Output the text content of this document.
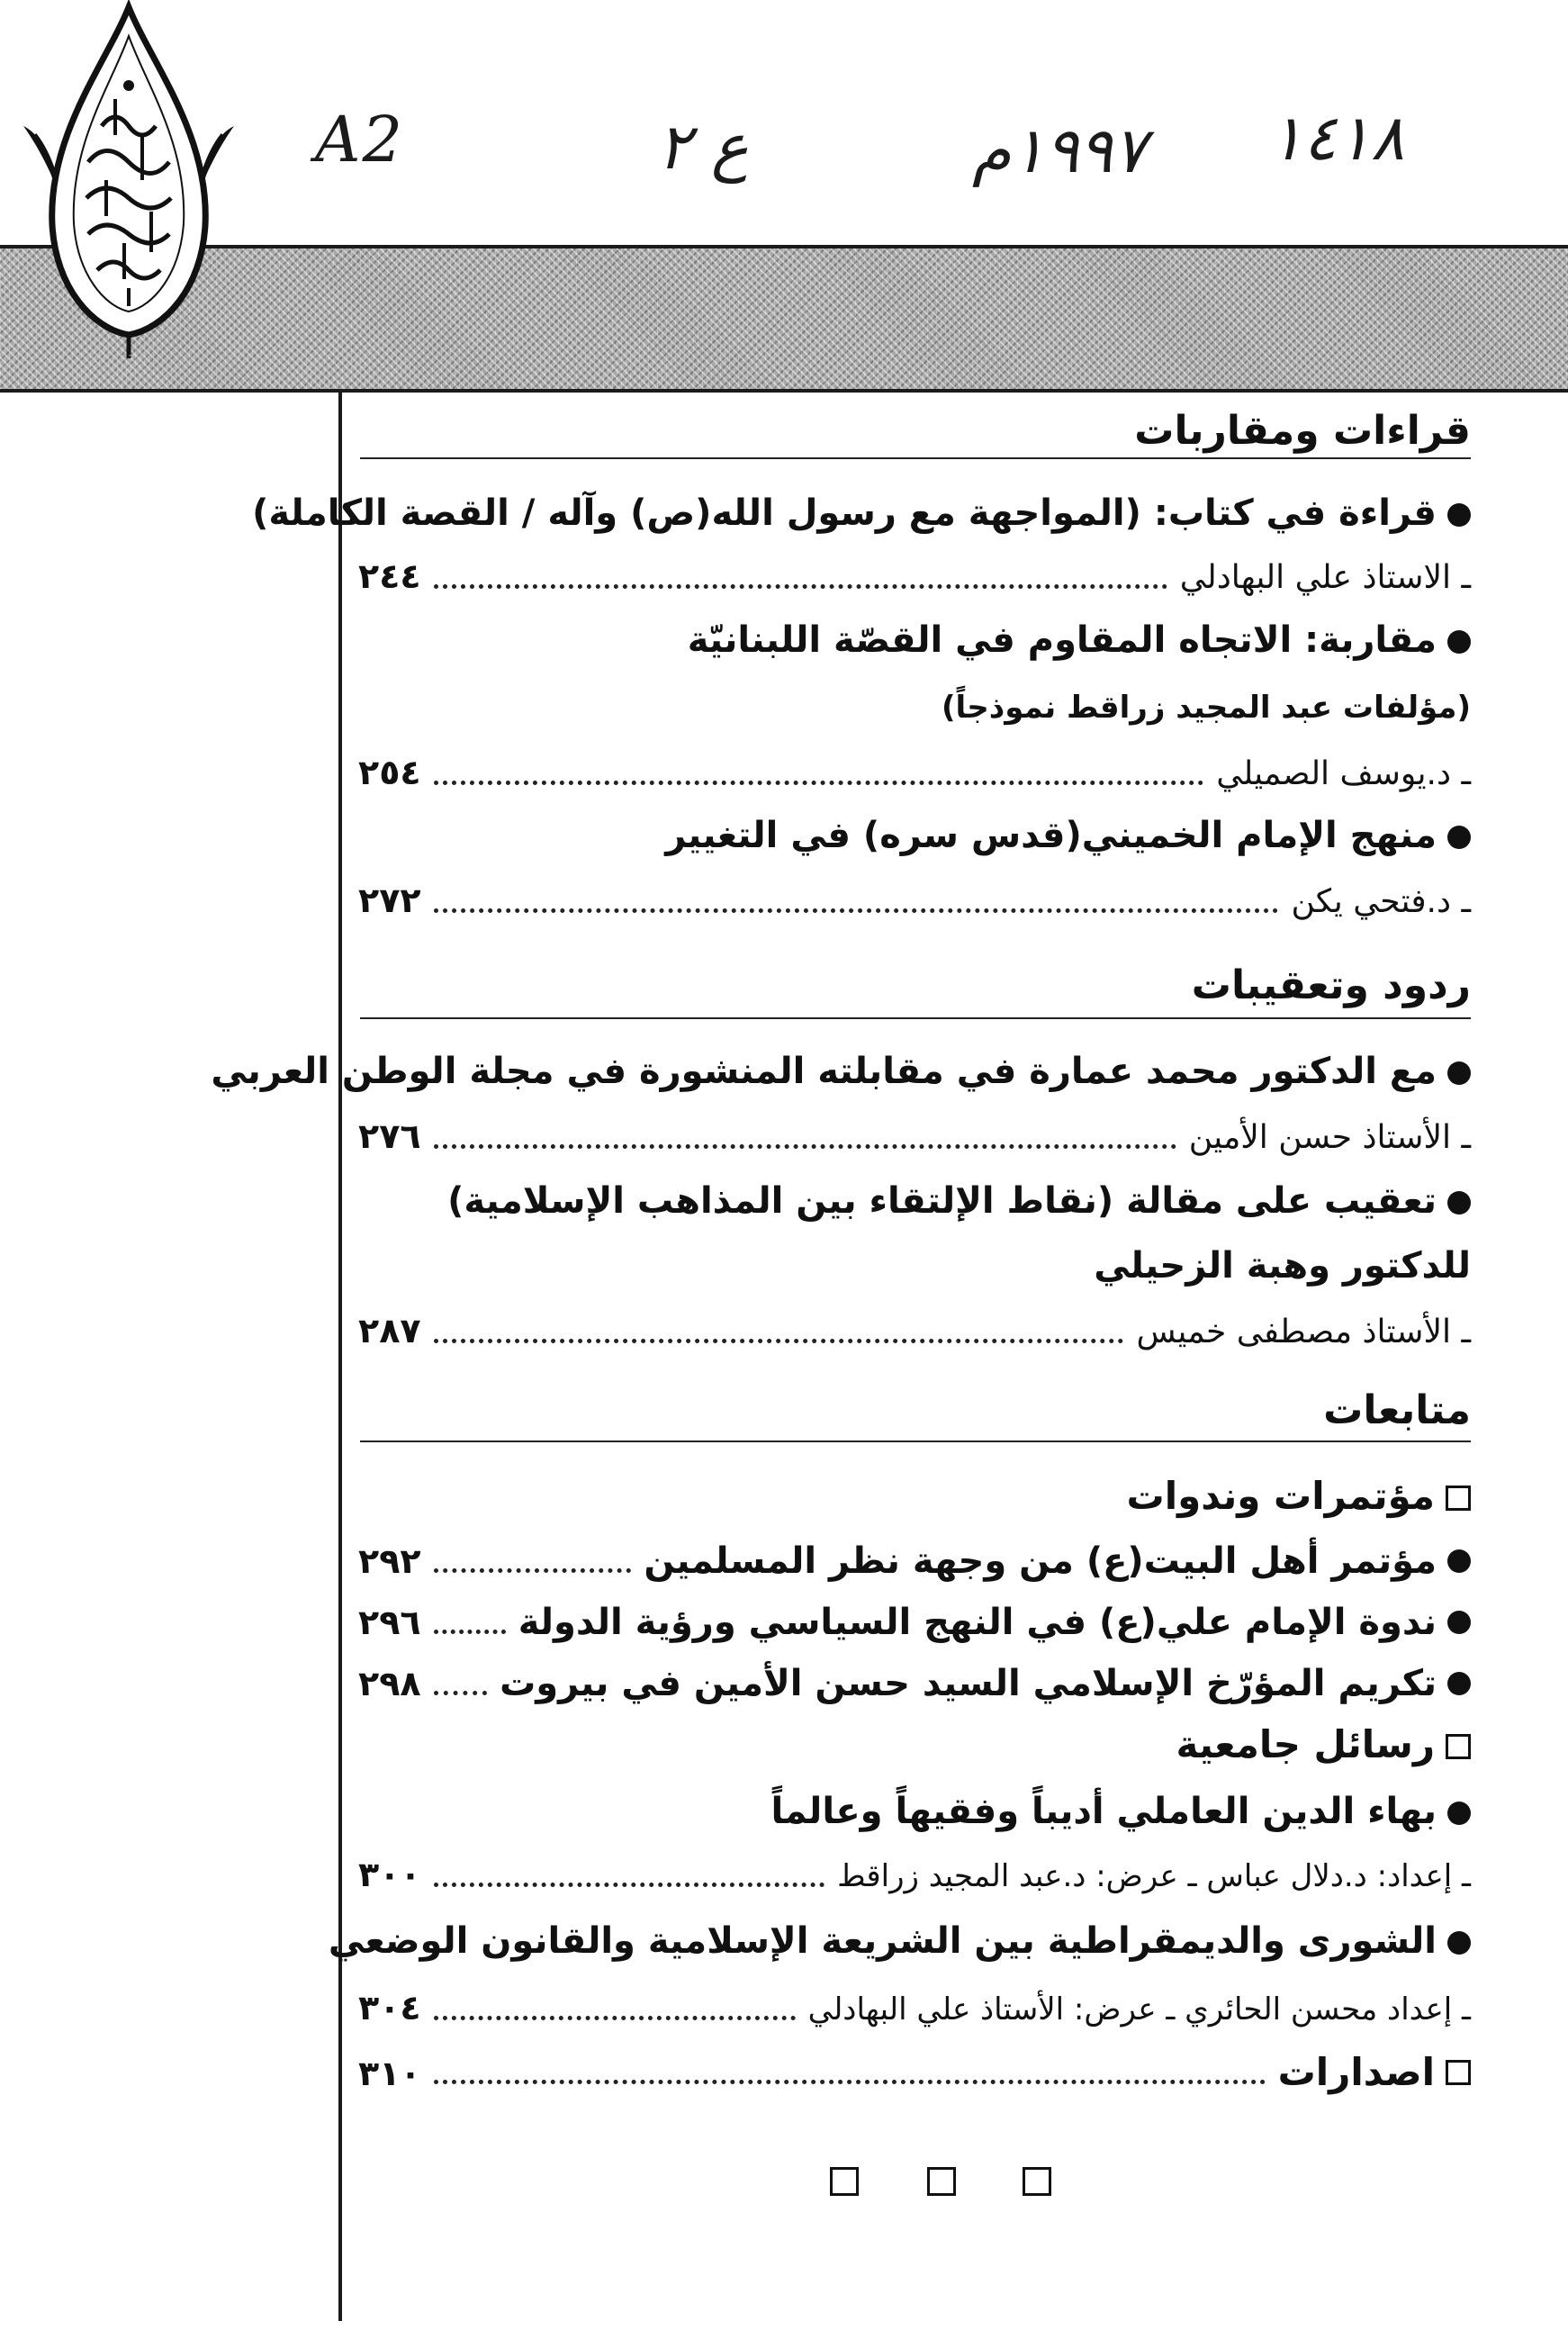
A2	ع ٢	١٩٩٧م ١٤١٨
المنطلق
قراءات ومقاربات
قراءة في كتاب: (المواجهة مع رسول الله(ص) وآله / القصة الكاملة)
ـ الاستاذ علي البهادلي
٢٤٤
مقاربة: الاتجاه المقاوم في القصّة اللبنانيّة
(مؤلفات عبد المجيد زراقط نموذجاً)
ـ د.يوسف الصميلي
٢٥٤
منهج الإمام الخميني(قدس سره) في التغيير
ـ د.فتحي يكن
٢٧٢
ردود وتعقيبات
مع الدكتور محمد عمارة في مقابلته المنشورة في مجلة الوطن العربي
ـ الأستاذ حسن الأمين
٢٧٦
تعقيب على مقالة (نقاط الإلتقاء بين المذاهب الإسلامية)
للدكتور وهبة الزحيلي
ـ الأستاذ مصطفى خميس
٢٨٧
متابعات
مؤتمرات وندوات
مؤتمر أهل البيت(ع) من وجهة نظر المسلمين
٢٩٢
ندوة الإمام علي(ع) في النهج السياسي ورؤية الدولة
٢٩٦
تكريم المؤرّخ الإسلامي السيد حسن الأمين في بيروت
٢٩٨
رسائل جامعية
بهاء الدين العاملي أديباً وفقيهاً وعالماً
ـ إعداد: د.دلال عباس ـ عرض: د.عبد المجيد زراقط
٣٠٠
الشورى والديمقراطية بين الشريعة الإسلامية والقانون الوضعي
ـ إعداد محسن الحائري ـ عرض: الأستاذ علي البهادلي
٣٠٤
اصدارات
٣١٠
